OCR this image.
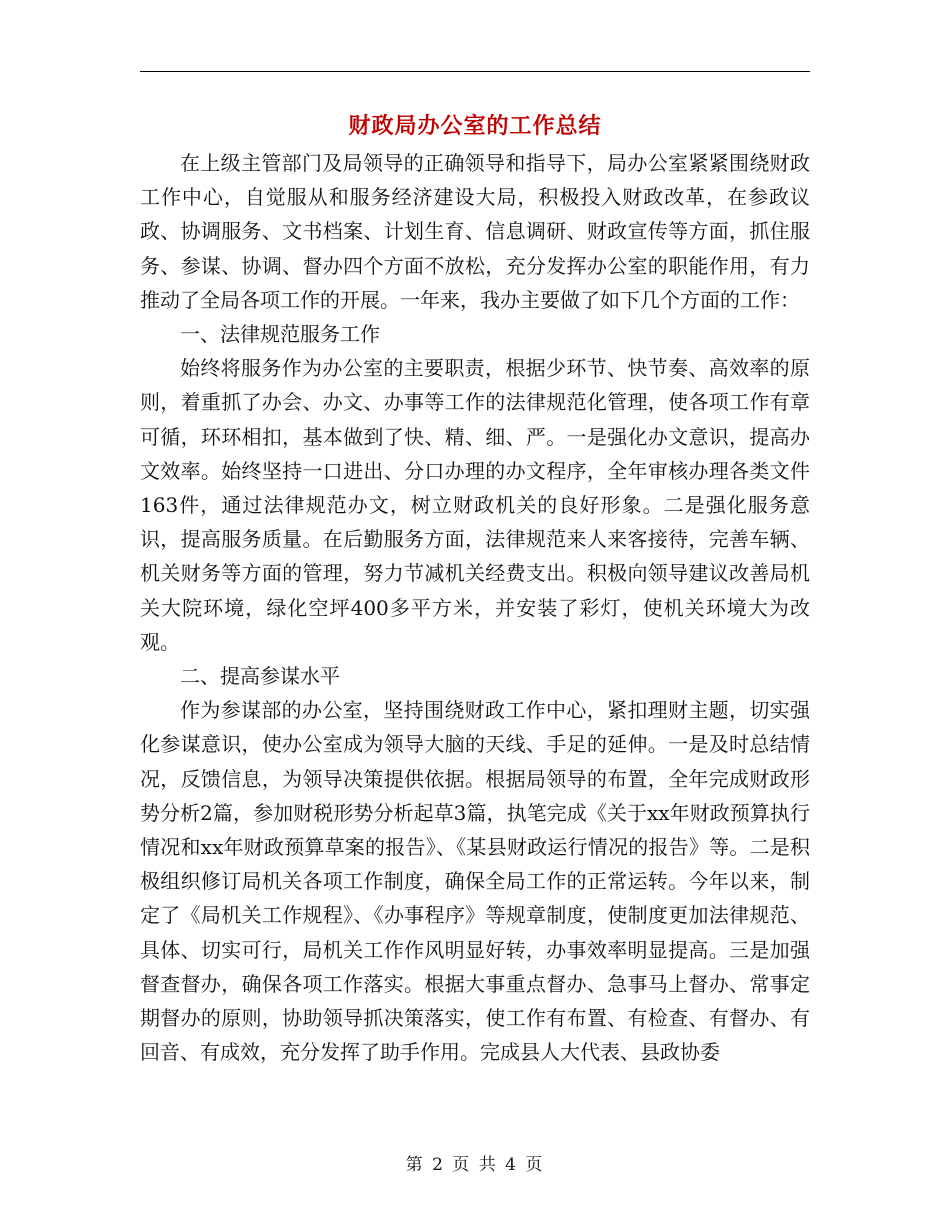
财政局办公室的工作总结

在上级主管部门及局领导的正确领导和指导下，局办公室紧紧围绕财政工作中心，自觉服从和服务经济建设大局，积极投入财政改革，在参政议政、协调服务、文书档案、计划生育、信息调研、财政宣传等方面，抓住服务、参谋、协调、督办四个方面不放松，充分发挥办公室的职能作用，有力推动了全局各项工作的开展。一年来，我办主要做了如下几个方面的工作：

一、法律规范服务工作

始终将服务作为办公室的主要职责，根据少环节、快节奏、高效率的原则，着重抓了办会、办文、办事等工作的法律规范化管理，使各项工作有章可循，环环相扣，基本做到了快、精、细、严。一是强化办文意识，提高办文效率。始终坚持一口进出、分口办理的办文程序，全年审核办理各类文件163件，通过法律规范办文，树立财政机关的良好形象。二是强化服务意识，提高服务质量。在后勤服务方面，法律规范来人来客接待，完善车辆、机关财务等方面的管理，努力节减机关经费支出。积极向领导建议改善局机关大院环境，绿化空坪400多平方米，并安装了彩灯，使机关环境大为改观。

二、提高参谋水平

作为参谋部的办公室，坚持围绕财政工作中心，紧扣理财主题，切实强化参谋意识，使办公室成为领导大脑的天线、手足的延伸。一是及时总结情况，反馈信息，为领导决策提供依据。根据局领导的布置，全年完成财政形势分析2篇，参加财税形势分析起草3篇，执笔完成《关于xx年财政预算执行情况和xx年财政预算草案的报告》、《某县财政运行情况的报告》等。二是积极组织修订局机关各项工作制度，确保全局工作的正常运转。今年以来，制定了《局机关工作规程》、《办事程序》等规章制度，使制度更加法律规范、具体、切实可行，局机关工作作风明显好转，办事效率明显提高。三是加强督查督办，确保各项工作落实。根据大事重点督办、急事马上督办、常事定期督办的原则，协助领导抓决策落实，使工作有布置、有检查、有督办、有回音、有成效，充分发挥了助手作用。完成县人大代表、县政协委

第 2 页 共 4 页
